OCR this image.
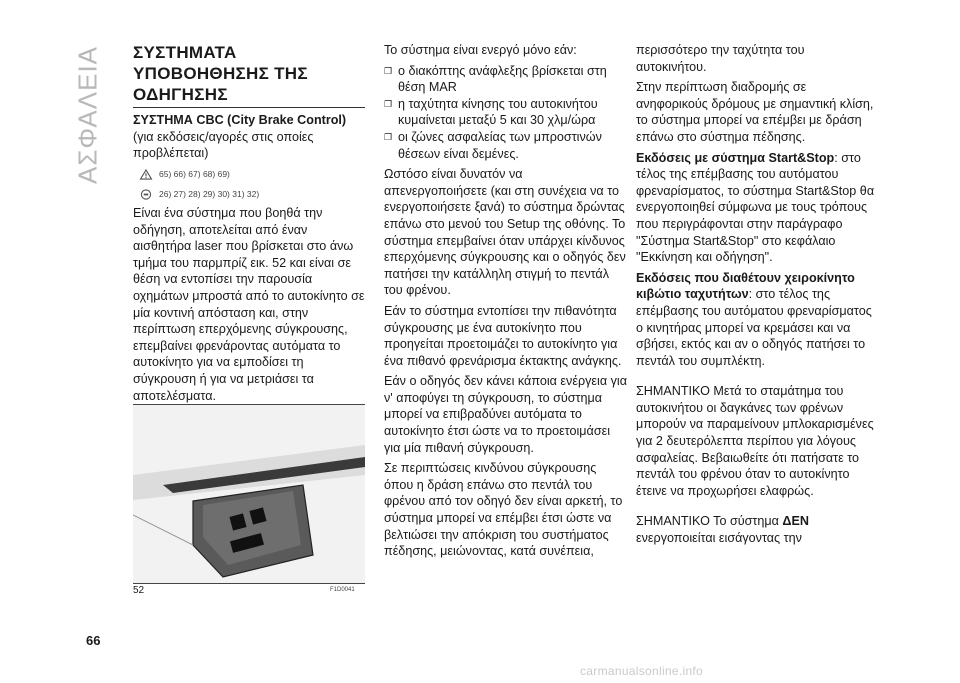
ΑΣΦΑΛΕΙΑ	ΣΥΣΤΗΜΑΤΑ ΥΠΟΒΟΗΘΗΣΗΣ ΤΗΣ ΟΔΗΓΗΣΗΣ
ΣΥΣΤΗΜΑ CBC (City Brake Control)

(για εκδόσεις/αγορές στις οποίες προβλέπεται)

65) 66) 67) 68) 69)
26) 27) 28) 29) 30) 31) 32)

Είναι ένα σύστημα που βοηθά την οδήγηση, αποτελείται από έναν αισθητήρα laser που βρίσκεται στο άνω τμήμα του παρμπρίζ εικ. 52 και είναι σε θέση να εντοπίσει την παρουσία οχημάτων μπροστά από το αυτοκίνητο σε μία κοντινή απόσταση και, στην περίπτωση επερχόμενης σύγκρουσης, επεμβαίνει φρενάροντας αυτόματα το αυτοκίνητο για να εμποδίσει τη σύγκρουση ή για να μετριάσει τα αποτελέσματα.

52	F1D0041

Το σύστημα είναι ενεργό μόνο εάν:

❐ ο διακόπτης ανάφλεξης βρίσκεται στη θέση MAR
❐ η ταχύτητα κίνησης του αυτοκινήτου κυμαίνεται μεταξύ 5 και 30 χλμ/ώρα
❐ οι ζώνες ασφαλείας των μπροστινών θέσεων είναι δεμένες.

Ωστόσο είναι δυνατόν να απενεργοποιήσετε (και στη συνέχεια να το ενεργοποιήσετε ξανά) το σύστημα δρώντας επάνω στο μενού του Setup της οθόνης. Το σύστημα επεμβαίνει όταν υπάρχει κίνδυνος επερχόμενης σύγκρουσης και ο οδηγός δεν πατήσει την κατάλληλη στιγμή το πεντάλ του φρένου.

Εάν το σύστημα εντοπίσει την πιθανότητα σύγκρουσης με ένα αυτοκίνητο που προηγείται προετοιμάζει το αυτοκίνητο για ένα πιθανό φρενάρισμα έκτακτης ανάγκης.

Εάν ο οδηγός δεν κάνει κάποια ενέργεια για ν' αποφύγει τη σύγκρουση, το σύστημα μπορεί να επιβραδύνει αυτόματα το αυτοκίνητο έτσι ώστε να το προετοιμάσει για μία πιθανή σύγκρουση.

Σε περιπτώσεις κινδύνου σύγκρουσης όπου η δράση επάνω στο πεντάλ του φρένου από τον οδηγό δεν είναι αρκετή, το σύστημα μπορεί να επέμβει έτσι ώστε να βελτιώσει την απόκριση του συστήματος πέδησης, μειώνοντας, κατά συνέπεια,

περισσότερο την ταχύτητα του αυτοκινήτου.

Στην περίπτωση διαδρομής σε ανηφορικούς δρόμους με σημαντική κλίση, το σύστημα μπορεί να επέμβει με δράση επάνω στο σύστημα πέδησης.

Εκδόσεις με σύστημα Start&Stop: στο τέλος της επέμβασης του αυτόματου φρεναρίσματος, το σύστημα Start&Stop θα ενεργοποιηθεί σύμφωνα με τους τρόπους που περιγράφονται στην παράγραφο "Σύστημα Start&Stop" στο κεφάλαιο "Εκκίνηση και οδήγηση".

Εκδόσεις που διαθέτουν χειροκίνητο κιβώτιο ταχυτήτων: στο τέλος της επέμβασης του αυτόματου φρεναρίσματος ο κινητήρας μπορεί να κρεμάσει και να σβήσει, εκτός και αν ο οδηγός πατήσει το πεντάλ του συμπλέκτη.

ΣΗΜΑΝΤΙΚΟ Μετά το σταμάτημα του αυτοκινήτου οι δαγκάνες των φρένων μπορούν να παραμείνουν μπλοκαρισμένες για 2 δευτερόλεπτα περίπου για λόγους ασφαλείας. Βεβαιωθείτε ότι πατήσατε το πεντάλ του φρένου όταν το αυτοκίνητο έτεινε να προχωρήσει ελαφρώς.

ΣΗΜΑΝΤΙΚΟ Το σύστημα ΔΕΝ ενεργοποιείται εισάγοντας την

66
carmanualsonline.info
